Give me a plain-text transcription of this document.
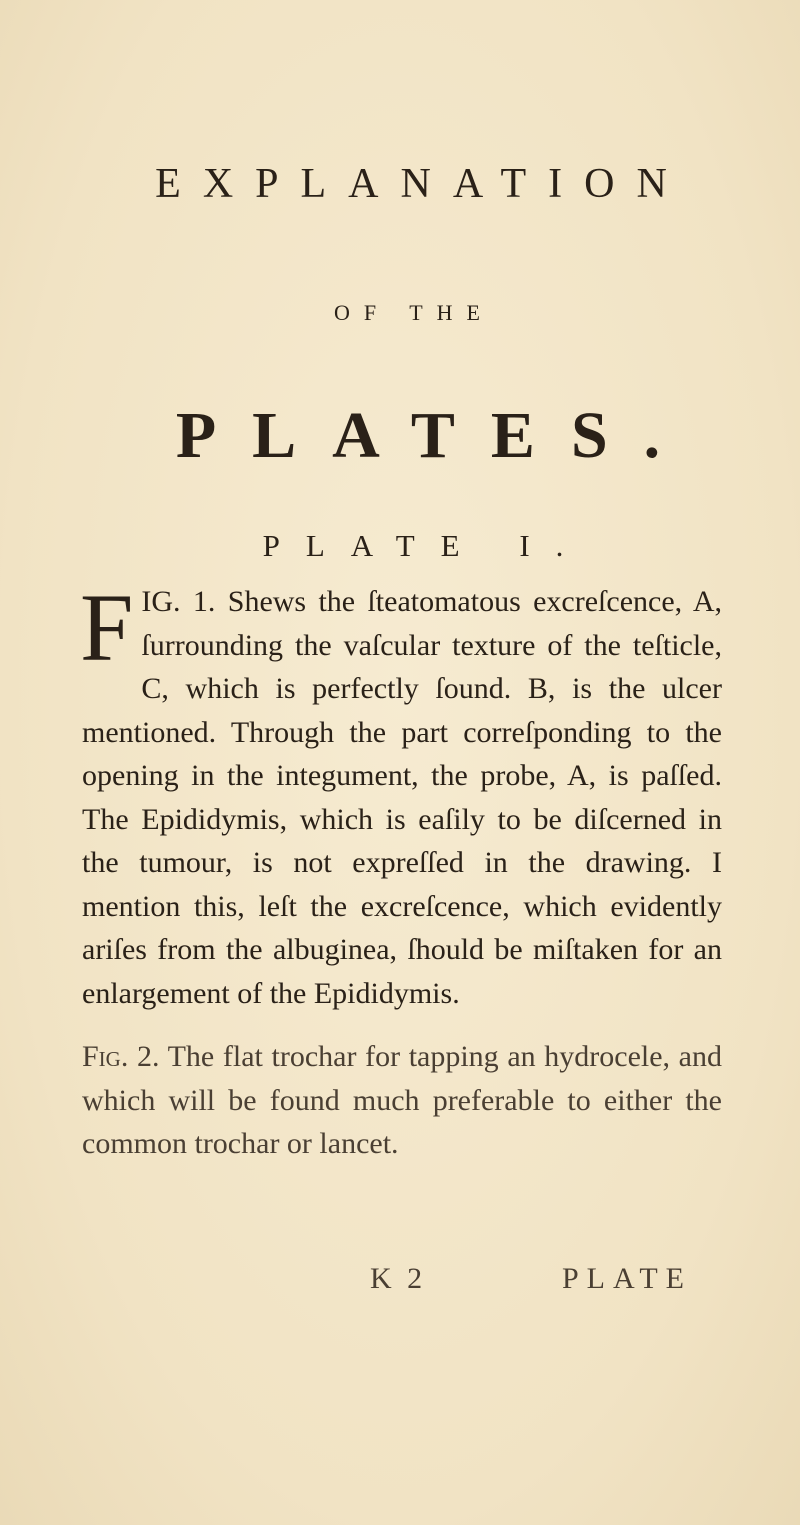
EXPLANATION
OF THE
PLATES.
PLATE I.
FIG. 1. Shews the ſteatomatous excreſcence, A, ſurrounding the vaſcular texture of the teſticle, C, which is perfectly ſound. B, is the ulcer mentioned. Through the part correſponding to the opening in the integument, the probe, A, is paſſed. The Epididymis, which is eaſily to be diſcerned in the tumour, is not expreſſed in the drawing. I mention this, leſt the excreſcence, which evidently ariſes from the albuginea, ſhould be miſtaken for an enlargement of the Epididymis.
Fig. 2. The flat trochar for tapping an hydrocele, and which will be found much preferable to either the common trochar or lancet.
K 2	PLATE
